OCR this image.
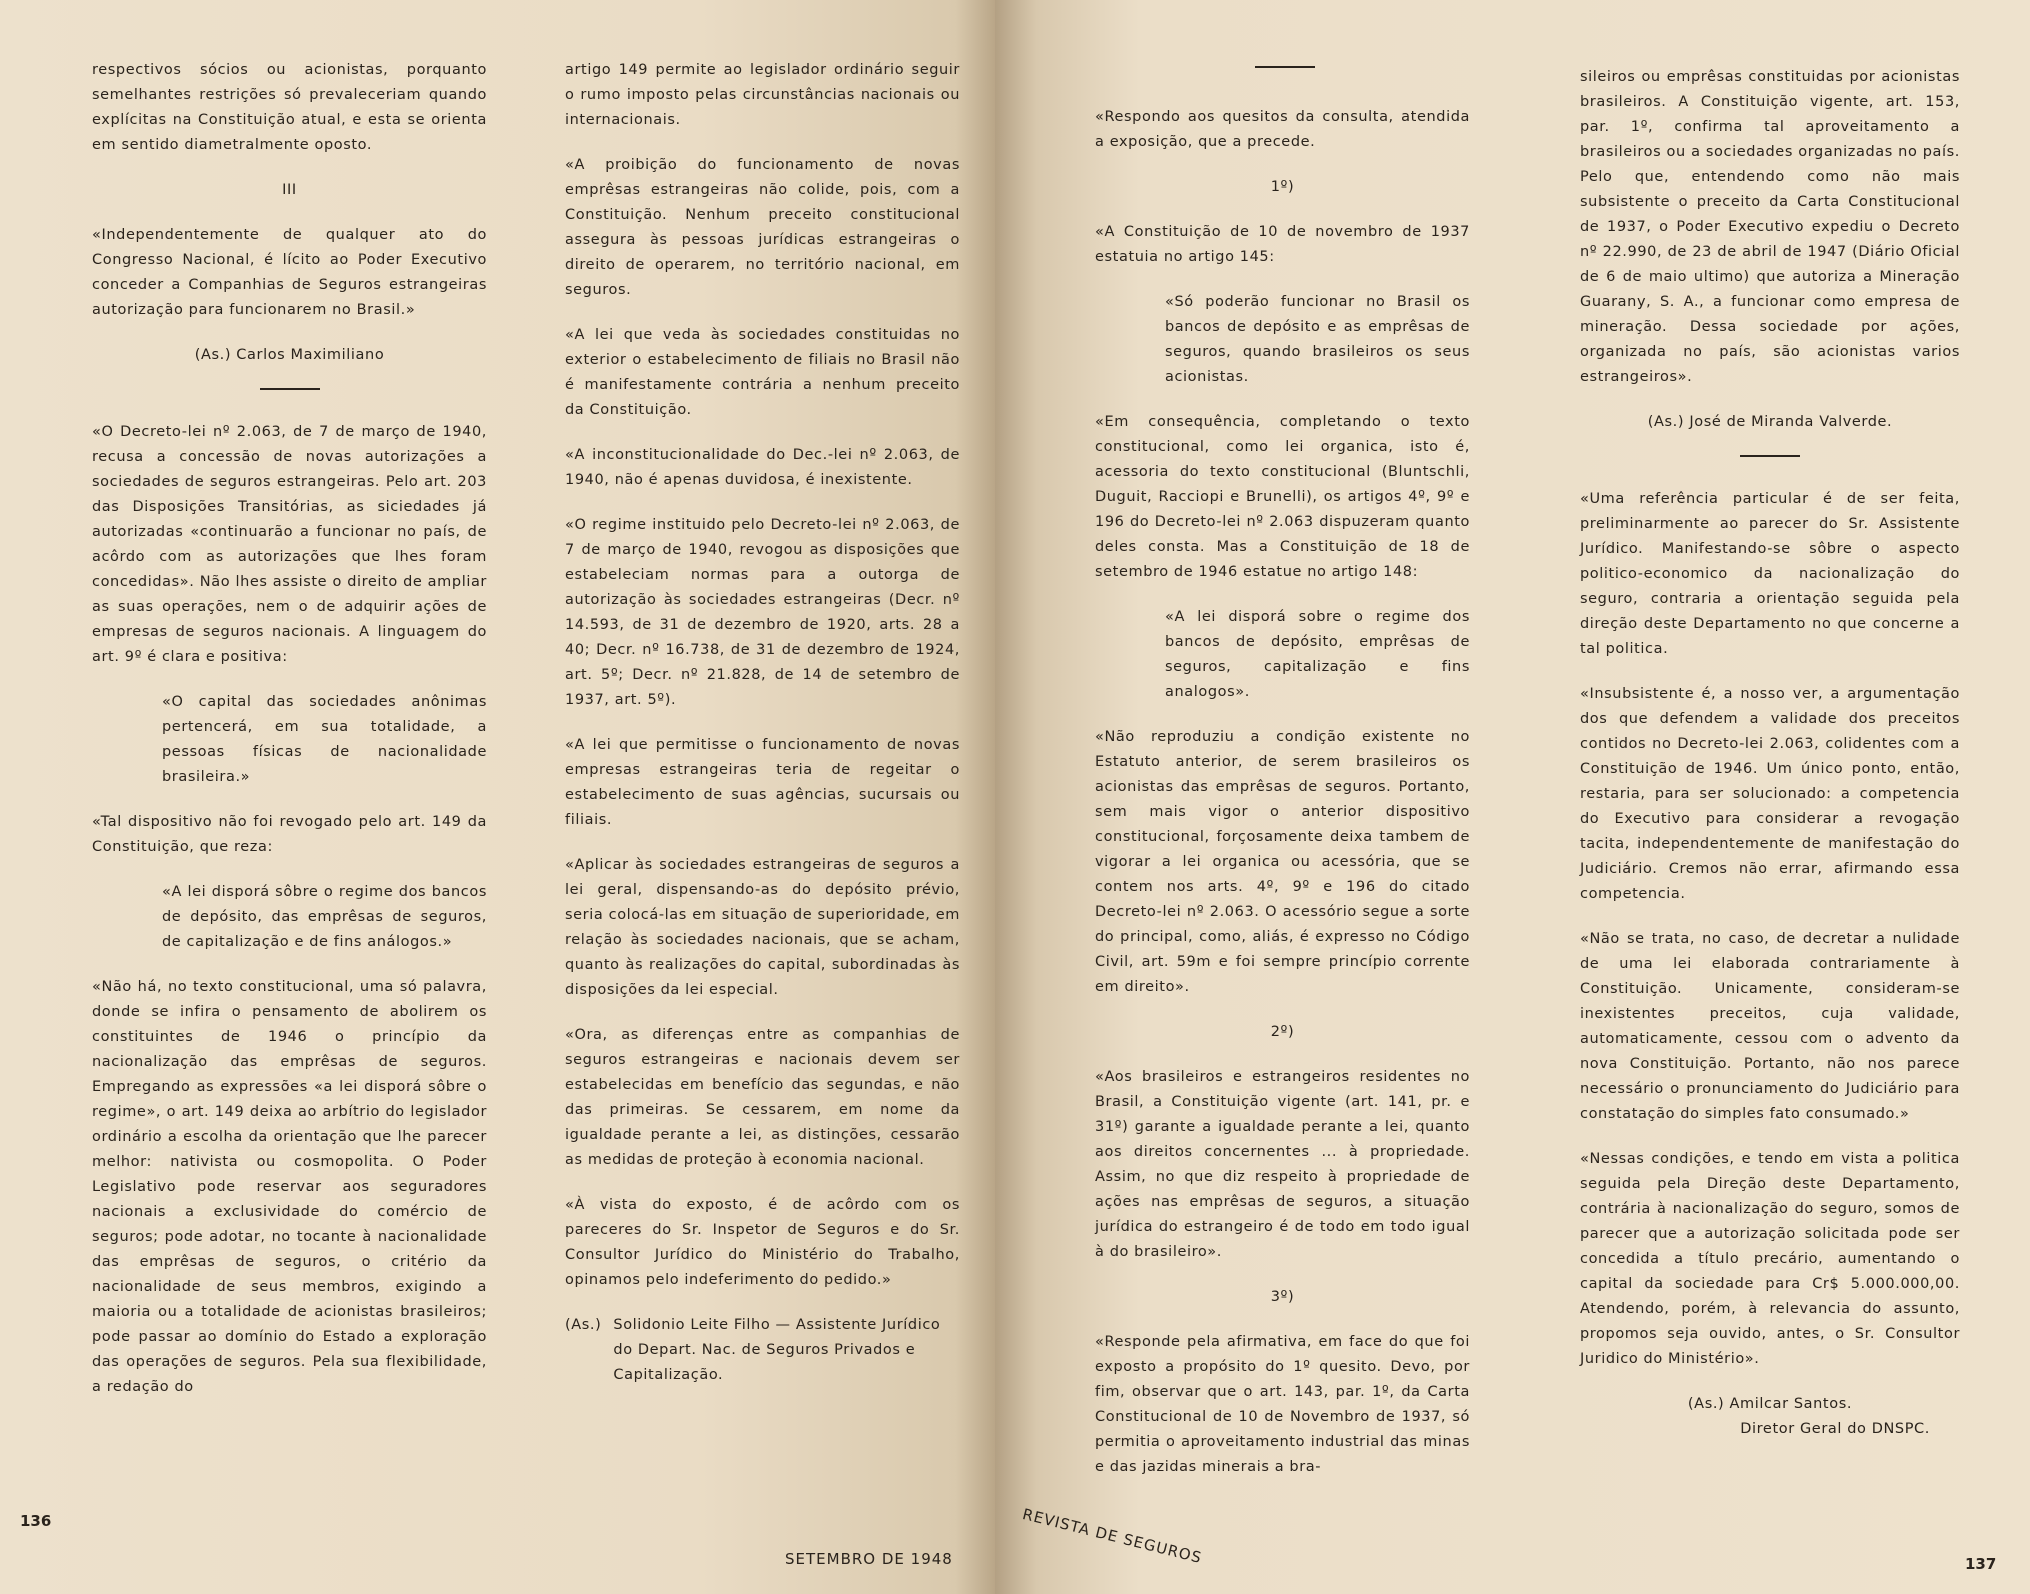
respectivos sócios ou acionistas, porquanto semelhantes restrições só prevaleceriam quando explícitas na Constituição atual, e esta se orienta em sentido diametralmente oposto.

III

«Independentemente de qualquer ato do Congresso Nacional, é lícito ao Poder Executivo conceder a Companhias de Seguros estrangeiras autorização para funcionarem no Brasil.»

(As.) Carlos Maximiliano

«O Decreto-lei nº 2.063, de 7 de março de 1940, recusa a concessão de novas autorizações a sociedades de seguros estrangeiras. Pelo art. 203 das Disposições Transitórias, as siciedades já autorizadas «continuarão a funcionar no país, de acôrdo com as autorizações que lhes foram concedidas». Não lhes assiste o direito de ampliar as suas operações, nem o de adquirir ações de empresas de seguros nacionais. A linguagem do art. 9º é clara e positiva:

«O capital das sociedades anônimas pertencerá, em sua totalidade, a pessoas físicas de nacionalidade brasileira.»

«Tal dispositivo não foi revogado pelo art. 149 da Constituição, que reza:

«A lei disporá sôbre o regime dos bancos de depósito, das emprêsas de seguros, de capitalização e de fins análogos.»

«Não há, no texto constitucional, uma só palavra, donde se infira o pensamento de abolirem os constituintes de 1946 o princípio da nacionalização das emprêsas de seguros. Empregando as expressões «a lei disporá sôbre o regime», o art. 149 deixa ao arbítrio do legislador ordinário a escolha da orientação que lhe parecer melhor: nativista ou cosmopolita. O Poder Legislativo pode reservar aos seguradores nacionais a exclusividade do comércio de seguros; pode adotar, no tocante à nacionalidade das emprêsas de seguros, o critério da nacionalidade de seus membros, exigindo a maioria ou a totalidade de acionistas brasileiros; pode passar ao domínio do Estado a exploração das operações de seguros. Pela sua flexibilidade, a redação do

artigo 149 permite ao legislador ordinário seguir o rumo imposto pelas circunstâncias nacionais ou internacionais.

«A proibição do funcionamento de novas emprêsas estrangeiras não colide, pois, com a Constituição. Nenhum preceito constitucional assegura às pessoas jurídicas estrangeiras o direito de operarem, no território nacional, em seguros.

«A lei que veda às sociedades constituidas no exterior o estabelecimento de filiais no Brasil não é manifestamente contrária a nenhum preceito da Constituição.

«A inconstitucionalidade do Dec.-lei nº 2.063, de 1940, não é apenas duvidosa, é inexistente.

«O regime instituido pelo Decreto-lei nº 2.063, de 7 de março de 1940, revogou as disposições que estabeleciam normas para a outorga de autorização às sociedades estrangeiras (Decr. nº 14.593, de 31 de dezembro de 1920, arts. 28 a 40; Decr. nº 16.738, de 31 de dezembro de 1924, art. 5º; Decr. nº 21.828, de 14 de setembro de 1937, art. 5º).

«A lei que permitisse o funcionamento de novas empresas estrangeiras teria de regeitar o estabelecimento de suas agências, sucursais ou filiais.

«Aplicar às sociedades estrangeiras de seguros a lei geral, dispensando-as do depósito prévio, seria colocá-las em situação de superioridade, em relação às sociedades nacionais, que se acham, quanto às realizações do capital, subordinadas às disposições da lei especial.

«Ora, as diferenças entre as companhias de seguros estrangeiras e nacionais devem ser estabelecidas em benefício das segundas, e não das primeiras. Se cessarem, em nome da igualdade perante a lei, as distinções, cessarão as medidas de proteção à economia nacional.

«À vista do exposto, é de acôrdo com os pareceres do Sr. Inspetor de Seguros e do Sr. Consultor Jurídico do Ministério do Trabalho, opinamos pelo indeferimento do pedido.»

(As.) Solidonio Leite Filho — Assistente Jurídico do Depart. Nac. de Seguros Privados e Capitalização.
136
SETEMBRO DE 1948

«Respondo aos quesitos da consulta, atendida a exposição, que a precede.

1º)

«A Constituição de 10 de novembro de 1937 estatuia no artigo 145:

«Só poderão funcionar no Brasil os bancos de depósito e as emprêsas de seguros, quando brasileiros os seus acionistas.

«Em consequência, completando o texto constitucional, como lei organica, isto é, acessoria do texto constitucional (Bluntschli, Duguit, Racciopi e Brunelli), os artigos 4º, 9º e 196 do Decreto-lei nº 2.063 dispuzeram quanto deles consta. Mas a Constituição de 18 de setembro de 1946 estatue no artigo 148:

«A lei disporá sobre o regime dos bancos de depósito, emprêsas de seguros, capitalização e fins analogos».

«Não reproduziu a condição existente no Estatuto anterior, de serem brasileiros os acionistas das emprêsas de seguros. Portanto, sem mais vigor o anterior dispositivo constitucional, forçosamente deixa tambem de vigorar a lei organica ou acessória, que se contem nos arts. 4º, 9º e 196 do citado Decreto-lei nº 2.063. O acessório segue a sorte do principal, como, aliás, é expresso no Código Civil, art. 59m e foi sempre princípio corrente em direito».

2º)

«Aos brasileiros e estrangeiros residentes no Brasil, a Constituição vigente (art. 141, pr. e 31º) garante a igualdade perante a lei, quanto aos direitos concernentes ... à propriedade. Assim, no que diz respeito à propriedade de ações nas emprêsas de seguros, a situação jurídica do estrangeiro é de todo em todo igual à do brasileiro».

3º)

«Responde pela afirmativa, em face do que foi exposto a propósito do 1º quesito. Devo, por fim, observar que o art. 143, par. 1º, da Carta Constitucional de 10 de Novembro de 1937, só permitia o aproveitamento industrial das minas e das jazidas minerais a bra-

sileiros ou emprêsas constituidas por acionistas brasileiros. A Constituição vigente, art. 153, par. 1º, confirma tal aproveitamento a brasileiros ou a sociedades organizadas no país. Pelo que, entendendo como não mais subsistente o preceito da Carta Constitucional de 1937, o Poder Executivo expediu o Decreto nº 22.990, de 23 de abril de 1947 (Diário Oficial de 6 de maio ultimo) que autoriza a Mineração Guarany, S. A., a funcionar como empresa de mineração. Dessa sociedade por ações, organizada no país, são acionistas varios estrangeiros».

(As.) José de Miranda Valverde.

«Uma referência particular é de ser feita, preliminarmente ao parecer do Sr. Assistente Jurídico. Manifestando-se sôbre o aspecto politico-economico da nacionalização do seguro, contraria a orientação seguida pela direção deste Departamento no que concerne a tal politica.

«Insubsistente é, a nosso ver, a argumentação dos que defendem a validade dos preceitos contidos no Decreto-lei 2.063, colidentes com a Constituição de 1946. Um único ponto, então, restaria, para ser solucionado: a competencia do Executivo para considerar a revogação tacita, independentemente de manifestação do Judiciário. Cremos não errar, afirmando essa competencia.

«Não se trata, no caso, de decretar a nulidade de uma lei elaborada contrariamente à Constituição. Unicamente, consideram-se inexistentes preceitos, cuja validade, automaticamente, cessou com o advento da nova Constituição. Portanto, não nos parece necessário o pronunciamento do Judiciário para constatação do simples fato consumado.»

«Nessas condições, e tendo em vista a politica seguida pela Direção deste Departamento, contrária à nacionalização do seguro, somos de parecer que a autorização solicitada pode ser concedida a título precário, aumentando o capital da sociedade para Cr$ 5.000.000,00. Atendendo, porém, à relevancia do assunto, propomos seja ouvido, antes, o Sr. Consultor Juridico do Ministério».

(As.) Amilcar Santos.

Diretor Geral do DNSPC.

137
REVISTA DE SEGUROS
